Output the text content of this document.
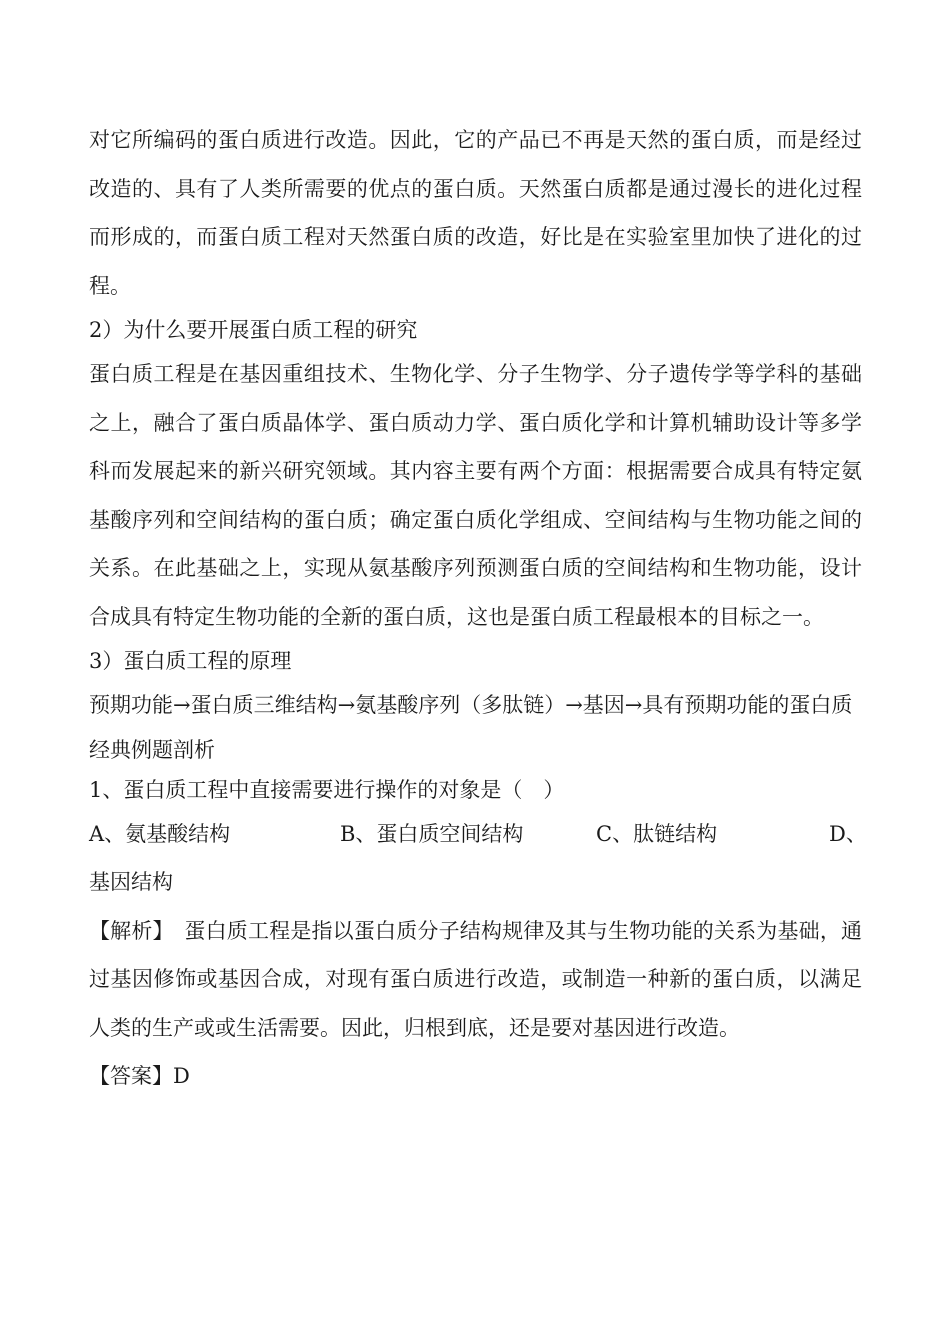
对它所编码的蛋白质进行改造。因此，它的产品已不再是天然的蛋白质，而是经过改造的、具有了人类所需要的优点的蛋白质。天然蛋白质都是通过漫长的进化过程而形成的，而蛋白质工程对天然蛋白质的改造，好比是在实验室里加快了进化的过程。

2）为什么要开展蛋白质工程的研究

蛋白质工程是在基因重组技术、生物化学、分子生物学、分子遗传学等学科的基础之上，融合了蛋白质晶体学、蛋白质动力学、蛋白质化学和计算机辅助设计等多学科而发展起来的新兴研究领域。其内容主要有两个方面：根据需要合成具有特定氨基酸序列和空间结构的蛋白质；确定蛋白质化学组成、空间结构与生物功能之间的关系。在此基础之上，实现从氨基酸序列预测蛋白质的空间结构和生物功能，设计合成具有特定生物功能的全新的蛋白质，这也是蛋白质工程最根本的目标之一。

3）蛋白质工程的原理

预期功能→蛋白质三维结构→氨基酸序列（多肽链）→基因→具有预期功能的蛋白质

经典例题剖析

1、蛋白质工程中直接需要进行操作的对象是（　）

A、氨基酸结构	B、蛋白质空间结构	C、肽链结构	D、

基因结构

【解析】　蛋白质工程是指以蛋白质分子结构规律及其与生物功能的关系为基础，通过基因修饰或基因合成，对现有蛋白质进行改造，或制造一种新的蛋白质，以满足人类的生产或或生活需要。因此，归根到底，还是要对基因进行改造。

【答案】D
